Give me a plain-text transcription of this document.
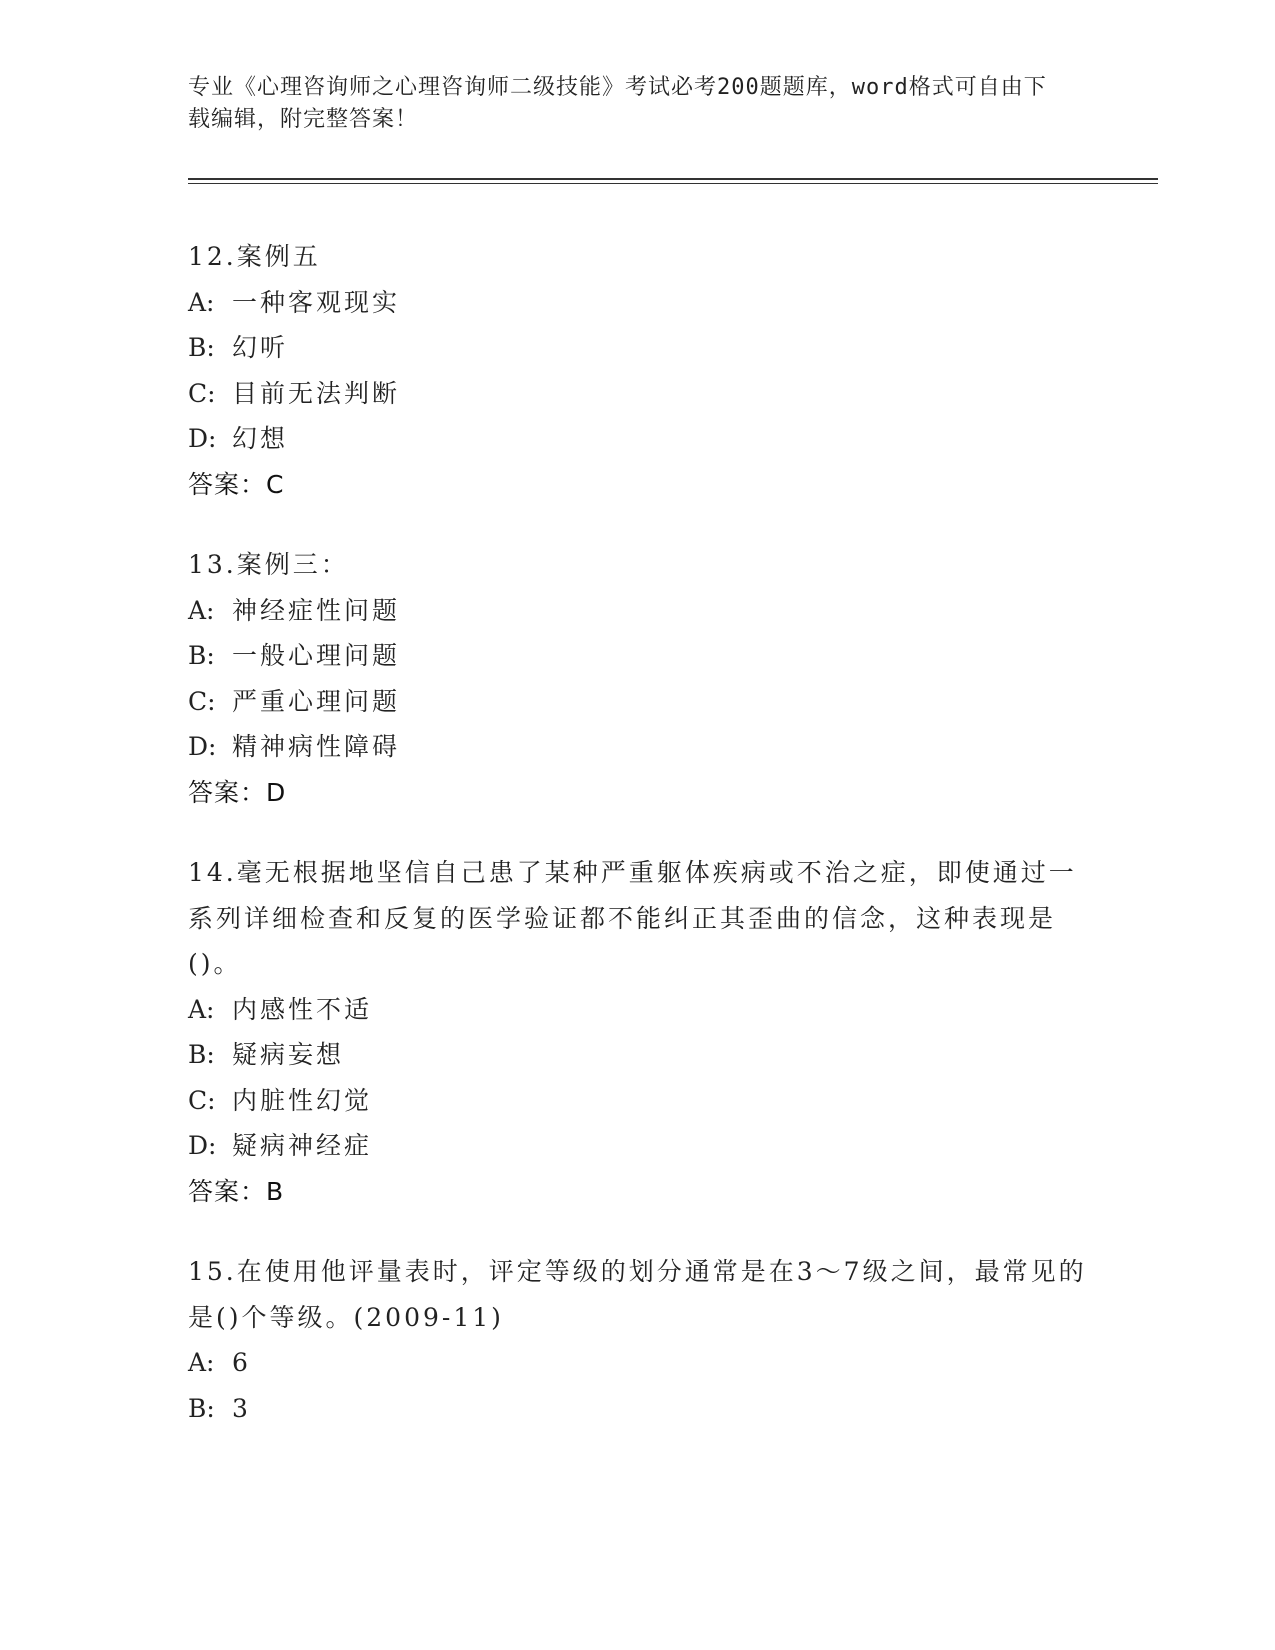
专业《心理咨询师之心理咨询师二级技能》考试必考200题题库，word格式可自由下载编辑，附完整答案！
12.案例五
A: 一种客观现实
B: 幻听
C: 目前无法判断
D: 幻想
答案：C
13.案例三：
A: 神经症性问题
B: 一般心理问题
C: 严重心理问题
D: 精神病性障碍
答案：D
14.毫无根据地坚信自己患了某种严重躯体疾病或不治之症，即使通过一系列详细检查和反复的医学验证都不能纠正其歪曲的信念，这种表现是()。
A: 内感性不适
B: 疑病妄想
C: 内脏性幻觉
D: 疑病神经症
答案：B
15.在使用他评量表时，评定等级的划分通常是在3～7级之间，最常见的是()个等级。(2009-11)
A: 6
B: 3
